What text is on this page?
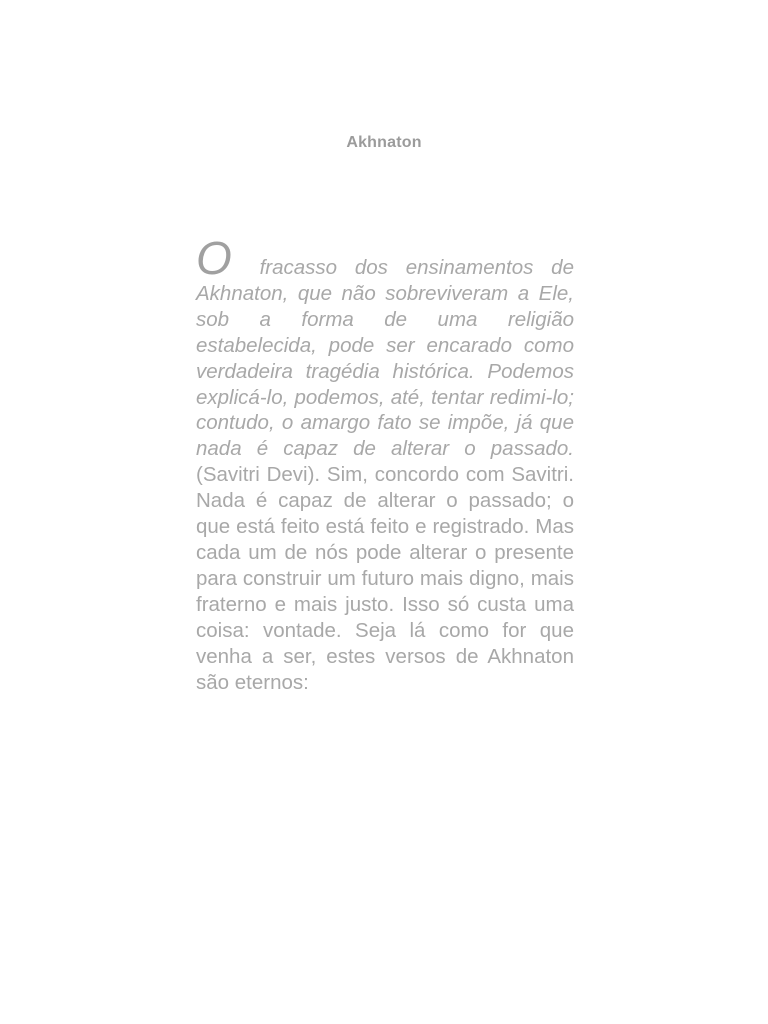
Akhnaton

O fracasso dos ensinamentos de Akhnaton, que não sobreviveram a Ele, sob a forma de uma religião estabelecida, pode ser encarado como verdadeira tragédia histórica. Podemos explicá-lo, podemos, até, tentar redimi-lo; contudo, o amargo fato se impõe, já que nada é capaz de alterar o passado. (Savitri Devi). Sim, concordo com Savitri. Nada é capaz de alterar o passado; o que está feito está feito e registrado. Mas cada um de nós pode alterar o presente para construir um futuro mais digno, mais fraterno e mais justo. Isso só custa uma coisa: vontade. Seja lá como for que venha a ser, estes versos de Akhnaton são eternos:
